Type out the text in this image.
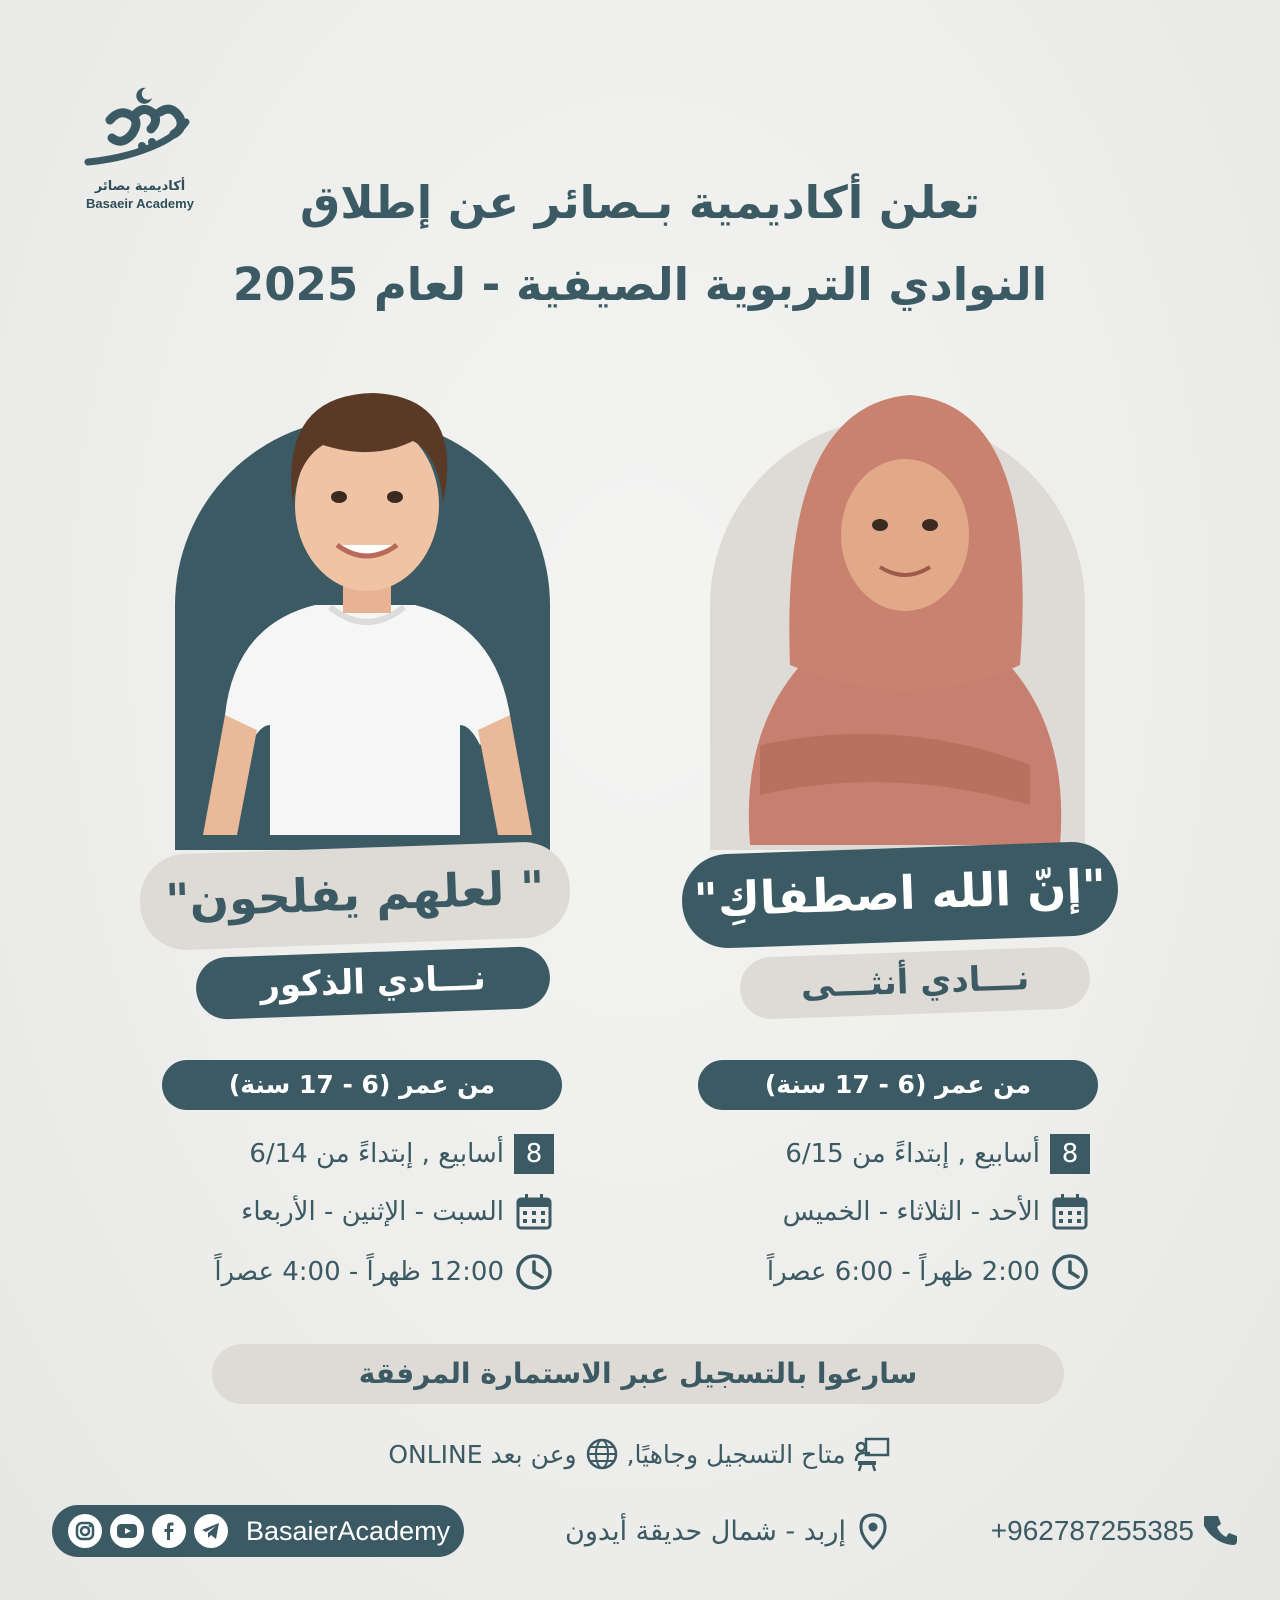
أكاديمية بصائر
Basaeir Academy	تعلن أكاديمية بـصائر عن إطلاق
النوادي التربوية الصيفية - لعام 2025
" لعلهم يفلحون"	"إنّ الله اصطفاكِ"
نـــادي الذكور	نـــادي أنثـــى
من عمر (6 - 17 سنة)	من عمر (6 - 17 سنة)
8
أسابيع , إبتداءً من 6/14
السبت - الإثنين - الأربعاء
12:00 ظهراً - 4:00 عصراً
8
أسابيع , إبتداءً من 6/15
الأحد - الثلاثاء - الخميس
2:00 ظهراً - 6:00 عصراً
سارعوا بالتسجيل عبر الاستمارة المرفقة
متاح التسجيل وجاهيًا,
وعن بعد ONLINE
BasaierAcademy	إربد - شمال حديقة أيدون	+962787255385
